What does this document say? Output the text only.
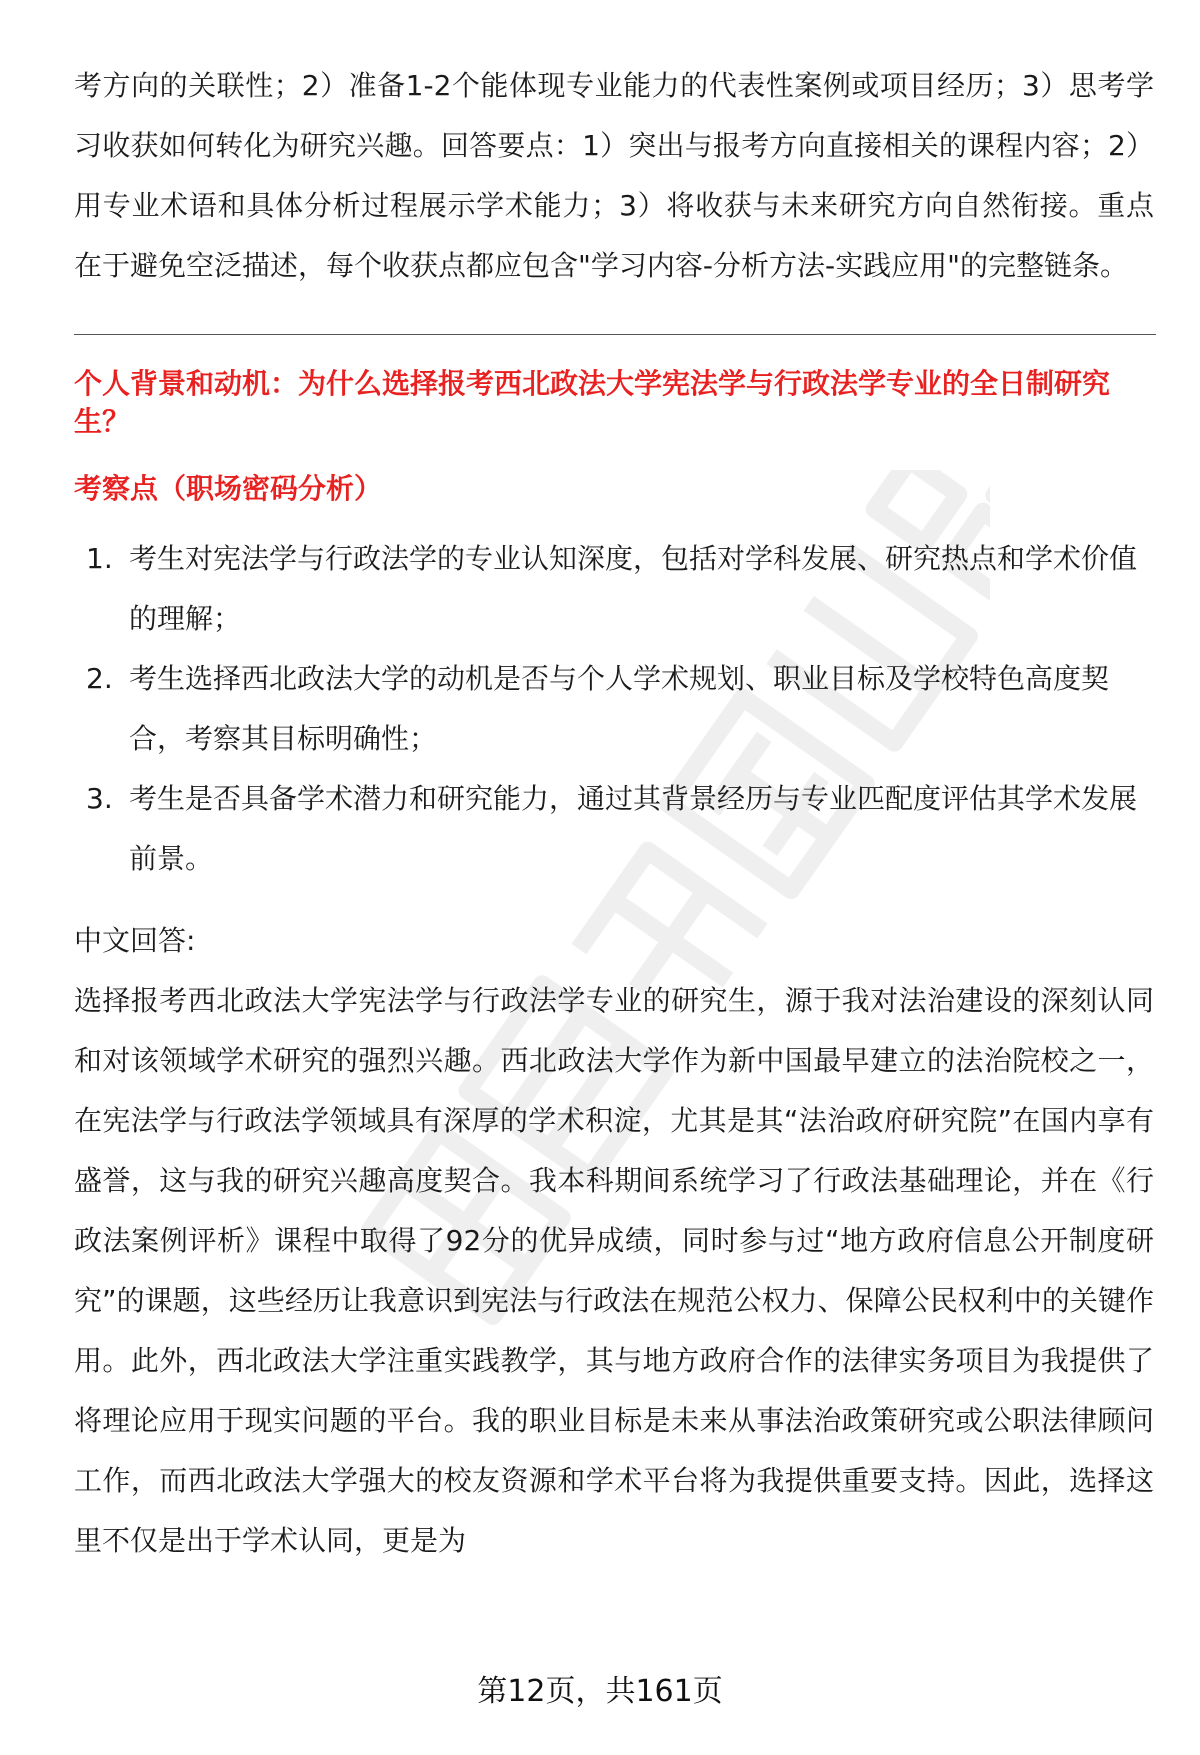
考方向的关联性；2）准备1-2个能体现专业能力的代表性案例或项目经历；3）思考学习收获如何转化为研究兴趣。回答要点：1）突出与报考方向直接相关的课程内容；2）用专业术语和具体分析过程展示学术能力；3）将收获与未来研究方向自然衔接。重点在于避免空泛描述，每个收获点都应包含"学习内容-分析方法-实践应用"的完整链条。

个人背景和动机：为什么选择报考西北政法大学宪法学与行政法学专业的全日制研究生？
考察点（职场密码分析）
1. 考生对宪法学与行政法学的专业认知深度，包括对学科发展、研究热点和学术价值的理解；
2. 考生选择西北政法大学的动机是否与个人学术规划、职业目标及学校特色高度契合，考察其目标明确性；
3. 考生是否具备学术潜力和研究能力，通过其背景经历与专业匹配度评估其学术发展前景。
中文回答:

选择报考西北政法大学宪法学与行政法学专业的研究生，源于我对法治建设的深刻认同和对该领域学术研究的强烈兴趣。西北政法大学作为新中国最早建立的法治院校之一，在宪法学与行政法学领域具有深厚的学术积淀，尤其是其“法治政府研究院”在国内享有盛誉，这与我的研究兴趣高度契合。我本科期间系统学习了行政法基础理论，并在《行政法案例评析》课程中取得了92分的优异成绩，同时参与过“地方政府信息公开制度研究”的课题，这些经历让我意识到宪法与行政法在规范公权力、保障公民权利中的关键作用。此外，西北政法大学注重实践教学，其与地方政府合作的法律实务项目为我提供了将理论应用于现实问题的平台。我的职业目标是未来从事法治政策研究或公职法律顾问工作，而西北政法大学强大的校友资源和学术平台将为我提供重要支持。因此，选择这里不仅是出于学术认同，更是为

第12页，共161页
